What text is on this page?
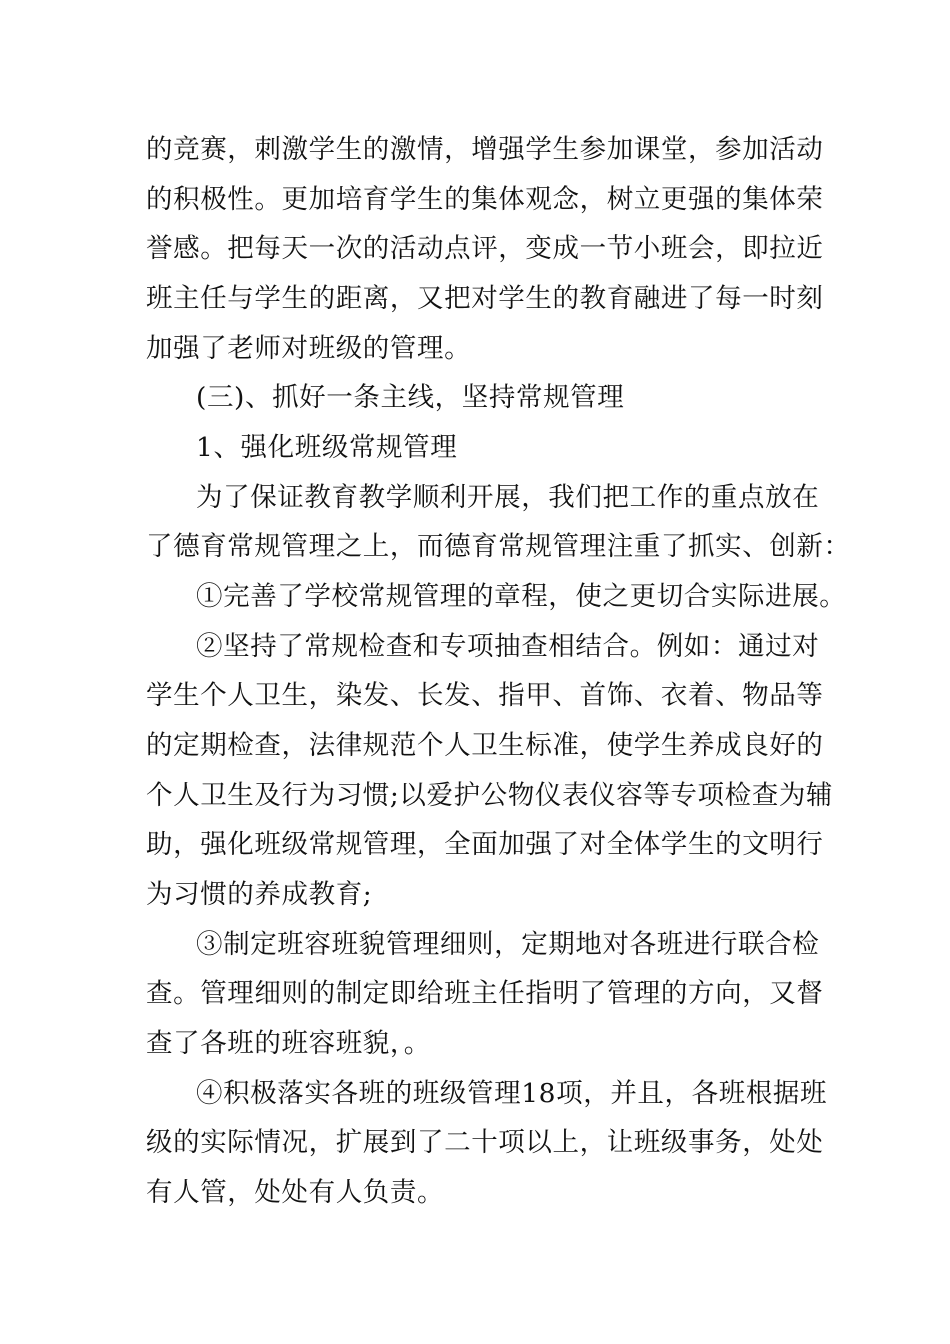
的竞赛，刺激学生的激情，增强学生参加课堂，参加活动
的积极性。更加培育学生的集体观念，树立更强的集体荣
誉感。把每天一次的活动点评，变成一节小班会，即拉近
班主任与学生的距离，又把对学生的教育融进了每一时刻
加强了老师对班级的管理。
(三)、抓好一条主线，坚持常规管理
1、强化班级常规管理
为了保证教育教学顺利开展，我们把工作的重点放在
了德育常规管理之上，而德育常规管理注重了抓实、创新：
①完善了学校常规管理的章程，使之更切合实际进展。
②坚持了常规检查和专项抽查相结合。例如：通过对
学生个人卫生，染发、长发、指甲、首饰、衣着、物品等
的定期检查，法律规范个人卫生标准，使学生养成良好的
个人卫生及行为习惯;以爱护公物仪表仪容等专项检查为辅
助，强化班级常规管理，全面加强了对全体学生的文明行
为习惯的养成教育;
③制定班容班貌管理细则，定期地对各班进行联合检
查。管理细则的制定即给班主任指明了管理的方向，又督
查了各班的班容班貌，。
④积极落实各班的班级管理18项，并且，各班根据班
级的实际情况，扩展到了二十项以上，让班级事务，处处
有人管，处处有人负责。
